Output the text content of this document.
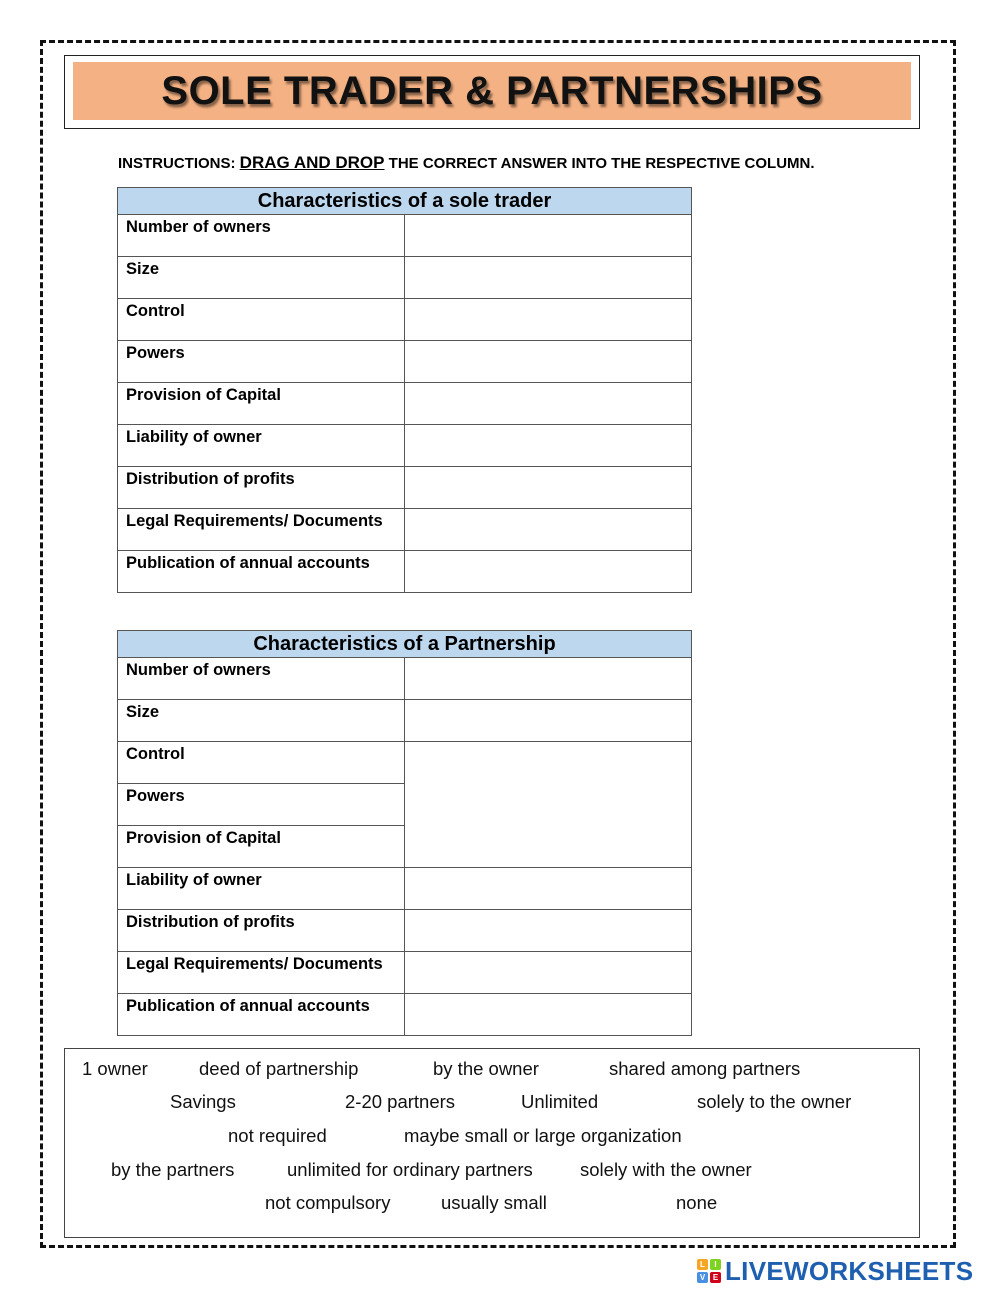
SOLE TRADER & PARTNERSHIPS
INSTRUCTIONS: DRAG AND DROP THE CORRECT ANSWER INTO THE RESPECTIVE COLUMN.
Characteristics of a sole trader	
Number of owners	
Size	
Control	
Powers	
Provision of Capital	
Liability of owner	
Distribution of profits	
Legal Requirements/ Documents	
Publication of annual accounts	
Characteristics of a Partnership	
Number of owners	
Size	
Control	
Powers	
Provision of Capital	
Liability of owner	
Distribution of profits	
Legal Requirements/ Documents	
Publication of annual accounts	
1 owner	deed of partnership	by the owner	shared among partners
Savings	2-20 partners	Unlimited	solely to the owner
not required	maybe small or large organization
by the partners	unlimited for ordinary partners	solely with the owner
not compulsory	usually small	none
L	I
V E LIVEWORKSHEETS
